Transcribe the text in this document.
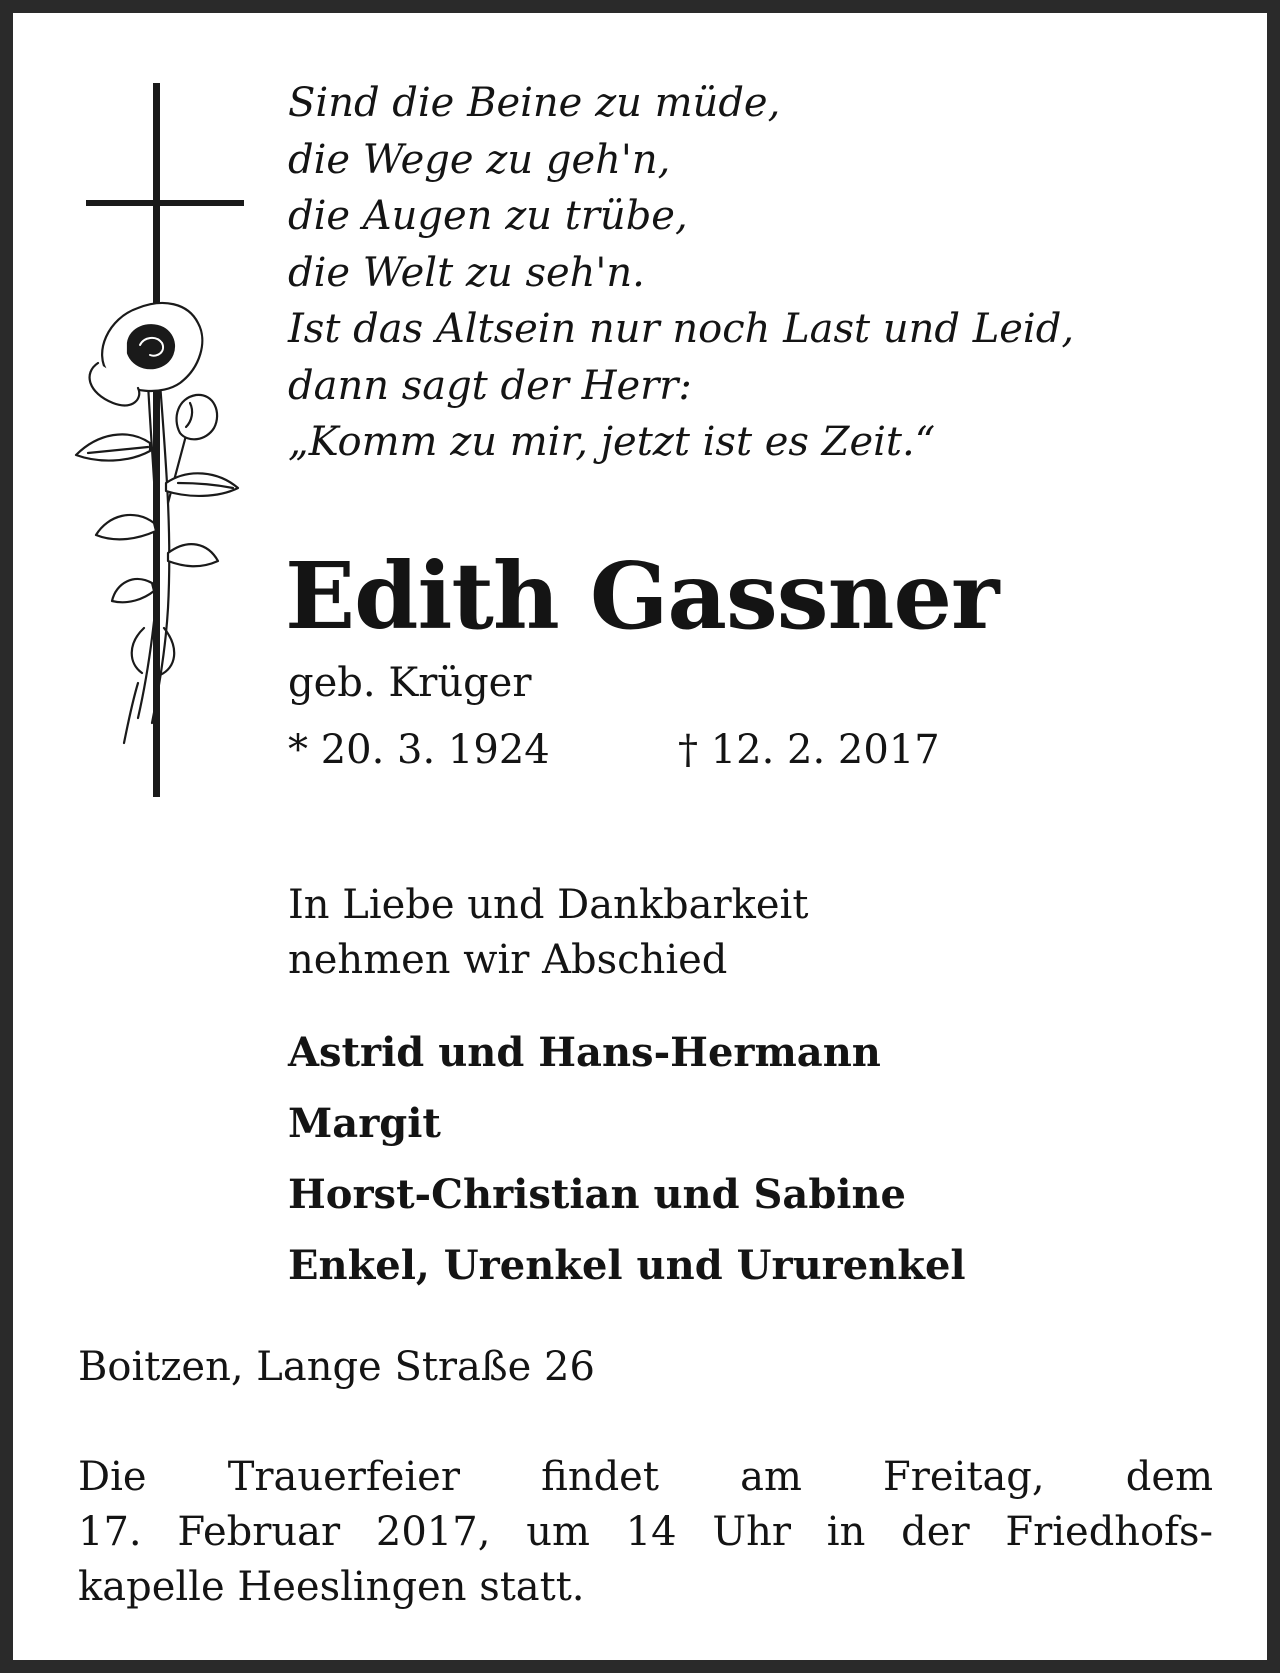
Sind die Beine zu müde,
die Wege zu geh'n,
die Augen zu trübe,
die Welt zu seh'n.
Ist das Altsein nur noch Last und Leid,
dann sagt der Herr:
„Komm zu mir, jetzt ist es Zeit.“
Edith Gassner
geb. Krüger
* 20. 3. 1924	† 12. 2. 2017
In Liebe und Dankbarkeit
nehmen wir Abschied
Astrid und Hans-Hermann
Margit
Horst-Christian und Sabine
Enkel, Urenkel und Ururenkel
Boitzen, Lange Straße 26
Die Trauerfeier findet am Freitag, dem
17. Februar 2017, um 14 Uhr in der Friedhofs-
kapelle Heeslingen statt.
